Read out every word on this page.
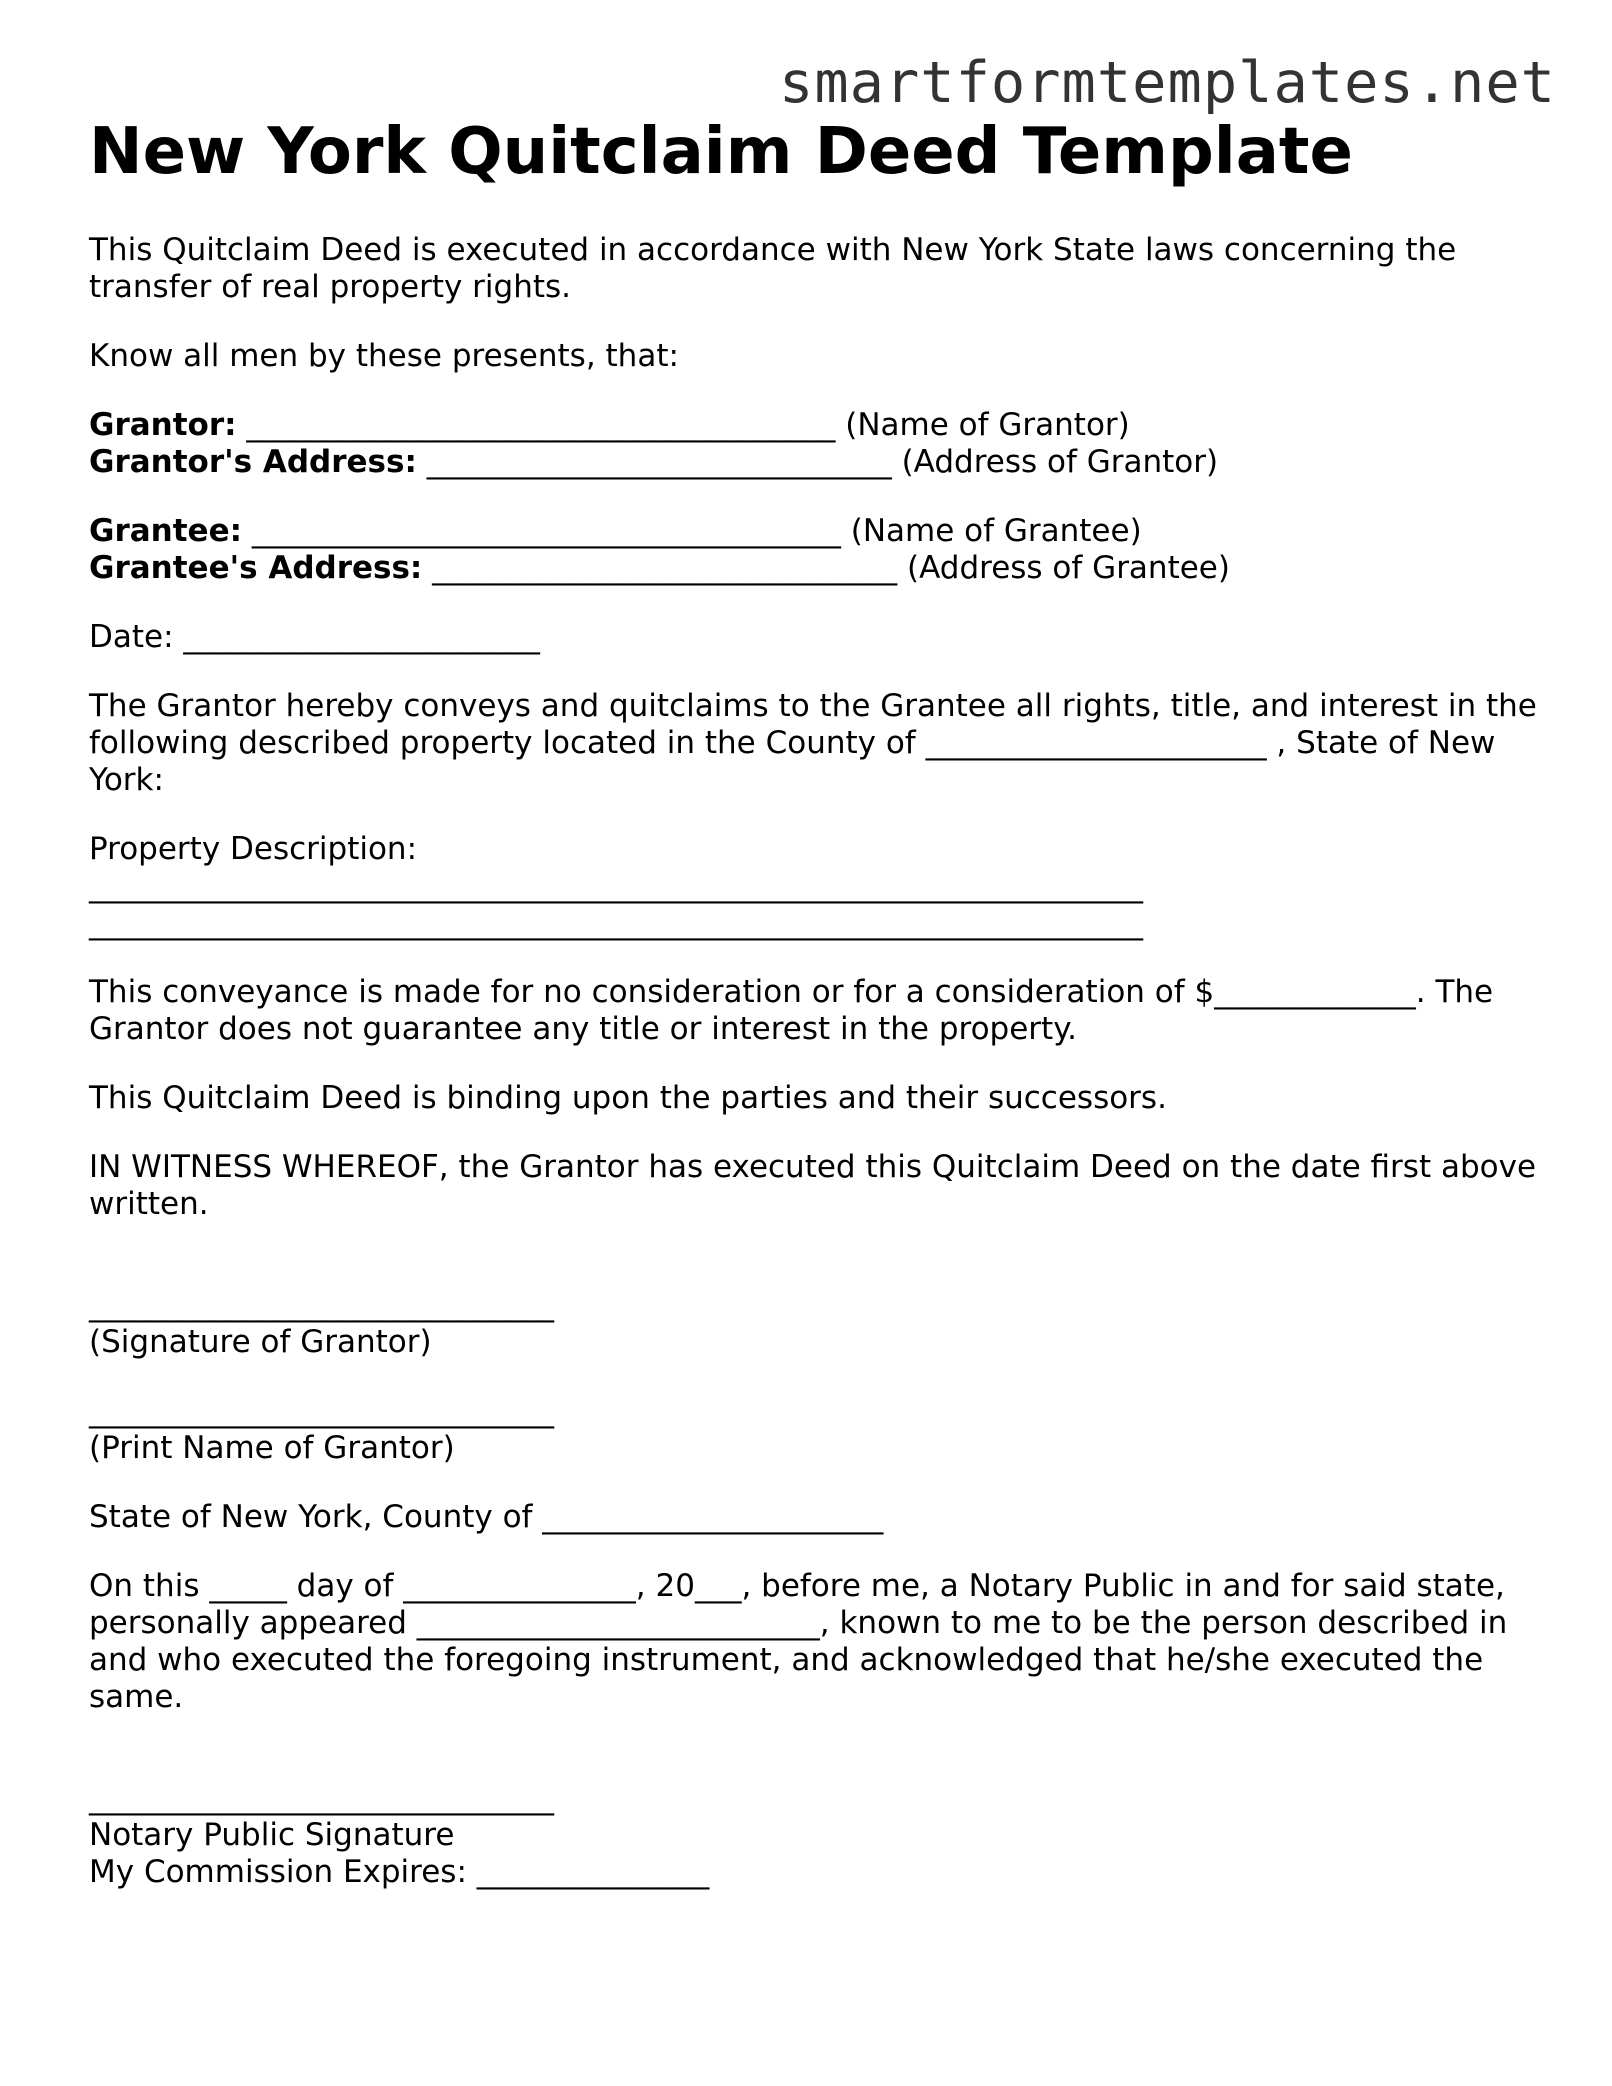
smartformtemplates.net
New York Quitclaim Deed Template

This Quitclaim Deed is executed in accordance with New York State laws concerning the transfer of real property rights.

Know all men by these presents, that:

Grantor: ______________________________________ (Name of Grantor)
Grantor's Address: ______________________________ (Address of Grantor)

Grantee: ______________________________________ (Name of Grantee)
Grantee's Address: ______________________________ (Address of Grantee)

Date: _______________________

The Grantor hereby conveys and quitclaims to the Grantee all rights, title, and interest in the following described property located in the County of ______________________ , State of New York:

Property Description:
____________________________________________________________________
____________________________________________________________________

This conveyance is made for no consideration or for a consideration of $_____________. The Grantor does not guarantee any title or interest in the property.

This Quitclaim Deed is binding upon the parties and their successors.

IN WITNESS WHEREOF, the Grantor has executed this Quitclaim Deed on the date first above written.

______________________________
(Signature of Grantor)

______________________________
(Print Name of Grantor)

State of New York, County of ______________________

On this _____ day of _______________, 20___, before me, a Notary Public in and for said state, personally appeared __________________________, known to me to be the person described in and who executed the foregoing instrument, and acknowledged that he/she executed the same.

______________________________
Notary Public Signature
My Commission Expires: _______________
